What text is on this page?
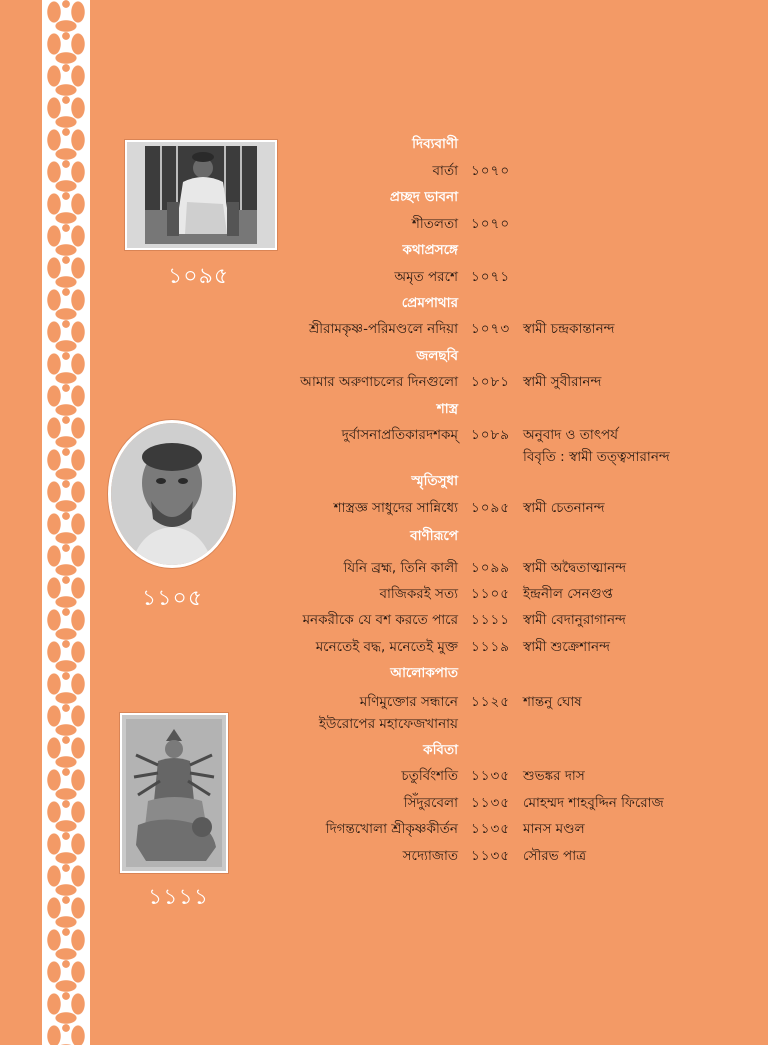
১০৯৫
১১০৫
১১১১
দিব্যবাণী
বার্তা ১০৭০
প্রচ্ছদ ভাবনা
শীতলতা ১০৭০
কথাপ্রসঙ্গে
অমৃত পরশে ১০৭১
প্রেমপাথার
শ্রীরামকৃষ্ণ-পরিমণ্ডলে নদিয়া ১০৭৩ স্বামী চন্দ্রকান্তানন্দ
জলছবি
আমার অরুণাচলের দিনগুলো ১০৮১ স্বামী সুবীরানন্দ
শাস্ত্র
দুর্বাসনাপ্রতিকারদশকম্ ১০৮৯ অনুবাদ ও তাৎপর্য
বিবৃতি : স্বামী তত্ত্বসারানন্দ
স্মৃতিসুধা
শাস্ত্রজ্ঞ সাধুদের সান্নিধ্যে ১০৯৫ স্বামী চেতনানন্দ
বাণীরূপে
যিনি ব্রহ্ম, তিনি কালী ১০৯৯ স্বামী অদ্বৈতাত্মানন্দ
বাজিকরই সত্য ১১০৫ ইন্দ্রনীল সেনগুপ্ত
মনকরীকে যে বশ করতে পারে ১১১১ স্বামী বেদানুরাগানন্দ
মনেতেই বদ্ধ, মনেতেই মুক্ত ১১১৯ স্বামী শুক্রেশানন্দ
আলোকপাত
মণিমুক্তোর সন্ধানে ১১২৫ শান্তনু ঘোষ
ইউরোপের মহাফেজখানায়
কবিতা
চতুর্বিংশতি ১১৩৫ শুভঙ্কর দাস
সিঁদুরবেলা ১১৩৫ মোহম্মদ শাহবুদ্দিন ফিরোজ
দিগন্তখোলা শ্রীকৃষ্ণকীর্তন ১১৩৫ মানস মণ্ডল
সদ্যোজাত ১১৩৫ সৌরভ পাত্র
